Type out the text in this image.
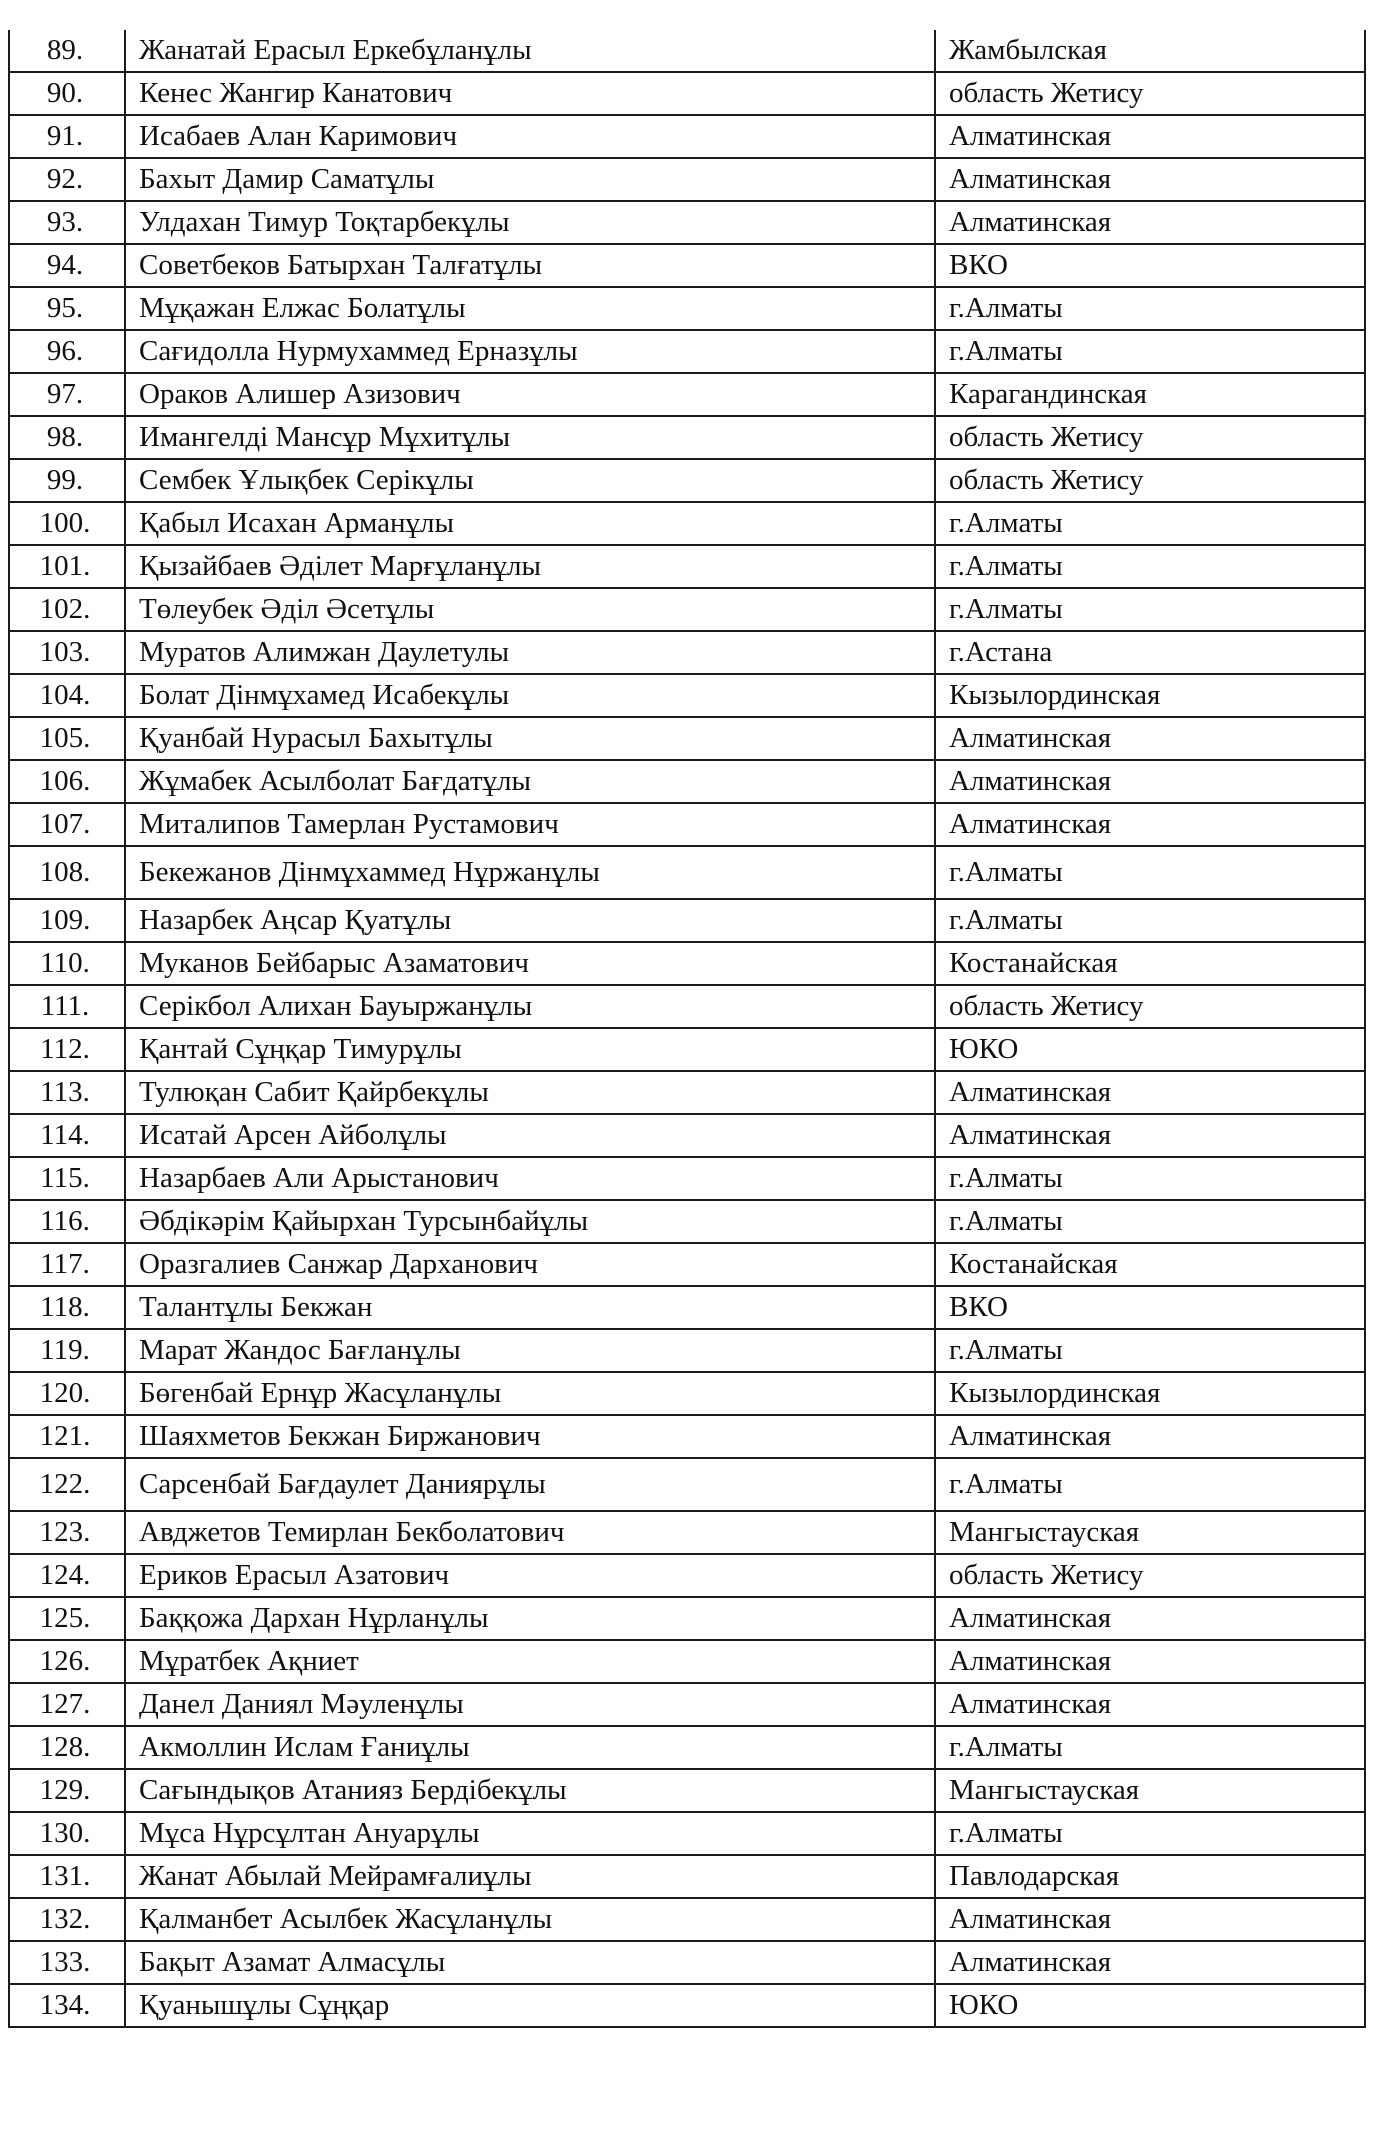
89.	Жанатай Ерасыл Еркебұланұлы	Жамбылская
90.	Кенес Жангир Канатович	область Жетису
91.	Исабаев Алан Каримович	Алматинская
92.	Бахыт Дамир Саматұлы	Алматинская
93.	Улдахан Тимур Тоқтарбекұлы	Алматинская
94.	Советбеков Батырхан Талғатұлы	ВКО
95.	Мұқажан Елжас Болатұлы	г.Алматы
96.	Сағидолла Нурмухаммед Ерназұлы	г.Алматы
97.	Ораков Алишер Азизович	Карагандинская
98.	Имангелді Мансұр Мұхитұлы	область Жетису
99.	Сембек Ұлықбек Серікұлы	область Жетису
100.	Қабыл Исахан Арманұлы	г.Алматы
101.	Қызайбаев Әділет Марғұланұлы	г.Алматы
102.	Төлеубек Әділ Әсетұлы	г.Алматы
103.	Муратов Алимжан Даулетулы	г.Астана
104.	Болат Дінмұхамед Исабекұлы	Кызылординская
105.	Қуанбай Нурасыл Бахытұлы	Алматинская
106.	Жұмабек Асылболат Бағдатұлы	Алматинская
107.	Миталипов Тамерлан Рустамович	Алматинская
108.	Бекежанов Дінмұхаммед Нұржанұлы	г.Алматы
109.	Назарбек Аңсар Қуатұлы	г.Алматы
110.	Муканов Бейбарыс Азаматович	Костанайская
111.	Серікбол Алихан Бауыржанұлы	область Жетису
112.	Қантай Сұңқар Тимурұлы	ЮКО
113.	Тулюқан Сабит Қайрбекұлы	Алматинская
114.	Исатай Арсен Айболұлы	Алматинская
115.	Назарбаев Али Арыстанович	г.Алматы
116.	Әбдікәрім Қайырхан Турсынбайұлы	г.Алматы
117.	Оразгалиев Санжар Дарханович	Костанайская
118.	Талантұлы Бекжан	ВКО
119.	Марат Жандос Бағланұлы	г.Алматы
120.	Бөгенбай Ернұр Жасұланұлы	Кызылординская
121.	Шаяхметов Бекжан Биржанович	Алматинская
122.	Сарсенбай Бағдаулет Даниярұлы	г.Алматы
123.	Авджетов Темирлан Бекболатович	Мангыстауская
124.	Ериков Ерасыл Азатович	область Жетису
125.	Баққожа Дархан Нұрланұлы	Алматинская
126.	Мұратбек Ақниет	Алматинская
127.	Данел Даниял Мәуленұлы	Алматинская
128.	Акмоллин Ислам Ғаниұлы	г.Алматы
129.	Сағындықов Атанияз Бердібекұлы	Мангыстауская
130.	Мұса Нұрсұлтан Ануарұлы	г.Алматы
131.	Жанат Абылай Мейрамғалиұлы	Павлодарская
132.	Қалманбет Асылбек Жасұланұлы	Алматинская
133.	Бақыт Азамат Алмасұлы	Алматинская
134.	Қуанышұлы Сұңқар	ЮКО
